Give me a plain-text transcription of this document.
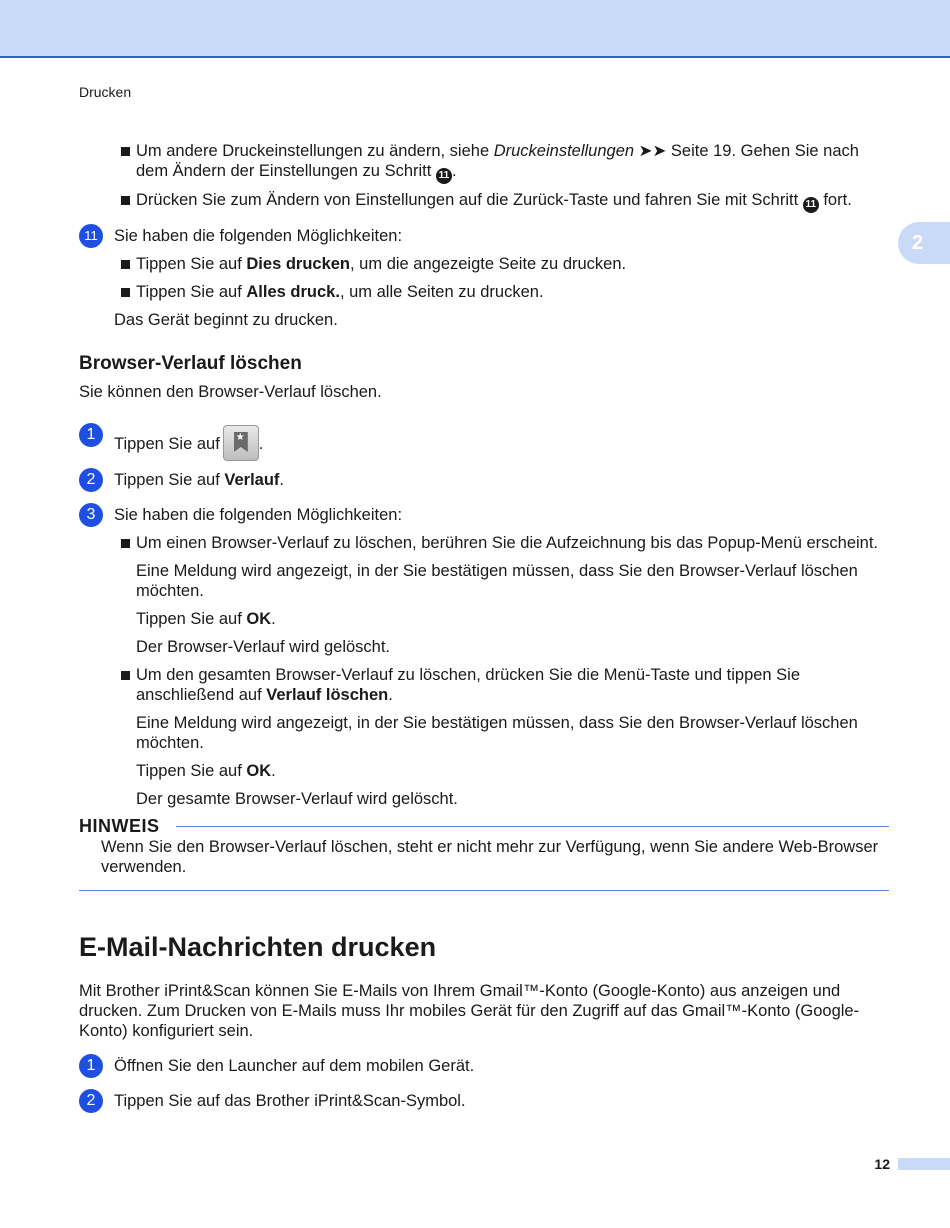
Drucken
2
Um andere Druckeinstellungen zu ändern, siehe Druckeinstellungen ➤➤ Seite 19. Gehen Sie nach
dem Ändern der Einstellungen zu Schritt 11 .
Drücken Sie zum Ändern von Einstellungen auf die Zurück-Taste und fahren Sie mit Schritt 11 fort.
11 Sie haben die folgenden Möglichkeiten:
Tippen Sie auf Dies drucken, um die angezeigte Seite zu drucken.
Tippen Sie auf Alles druck., um alle Seiten zu drucken.
Das Gerät beginnt zu drucken.
Browser-Verlauf löschen
Sie können den Browser-Verlauf löschen.
1
Tippen Sie auf ★ .
2	Tippen Sie auf Verlauf.
3	Sie haben die folgenden Möglichkeiten:
Um einen Browser-Verlauf zu löschen, berühren Sie die Aufzeichnung bis das Popup-Menü erscheint.
Eine Meldung wird angezeigt, in der Sie bestätigen müssen, dass Sie den Browser-Verlauf löschen
möchten.
Tippen Sie auf OK.
Der Browser-Verlauf wird gelöscht.
Um den gesamten Browser-Verlauf zu löschen, drücken Sie die Menü-Taste und tippen Sie
anschließend auf Verlauf löschen.
Eine Meldung wird angezeigt, in der Sie bestätigen müssen, dass Sie den Browser-Verlauf löschen
möchten.
Tippen Sie auf OK.
Der gesamte Browser-Verlauf wird gelöscht.
HINWEIS
Wenn Sie den Browser-Verlauf löschen, steht er nicht mehr zur Verfügung, wenn Sie andere Web-Browser
verwenden.
E-Mail-Nachrichten drucken
Mit Brother iPrint&Scan können Sie E-Mails von Ihrem Gmail™-Konto (Google-Konto) aus anzeigen und
drucken. Zum Drucken von E-Mails muss Ihr mobiles Gerät für den Zugriff auf das Gmail™-Konto (Google-
Konto) konfiguriert sein.
1	Öffnen Sie den Launcher auf dem mobilen Gerät.
2	Tippen Sie auf das Brother iPrint&Scan-Symbol.
12
